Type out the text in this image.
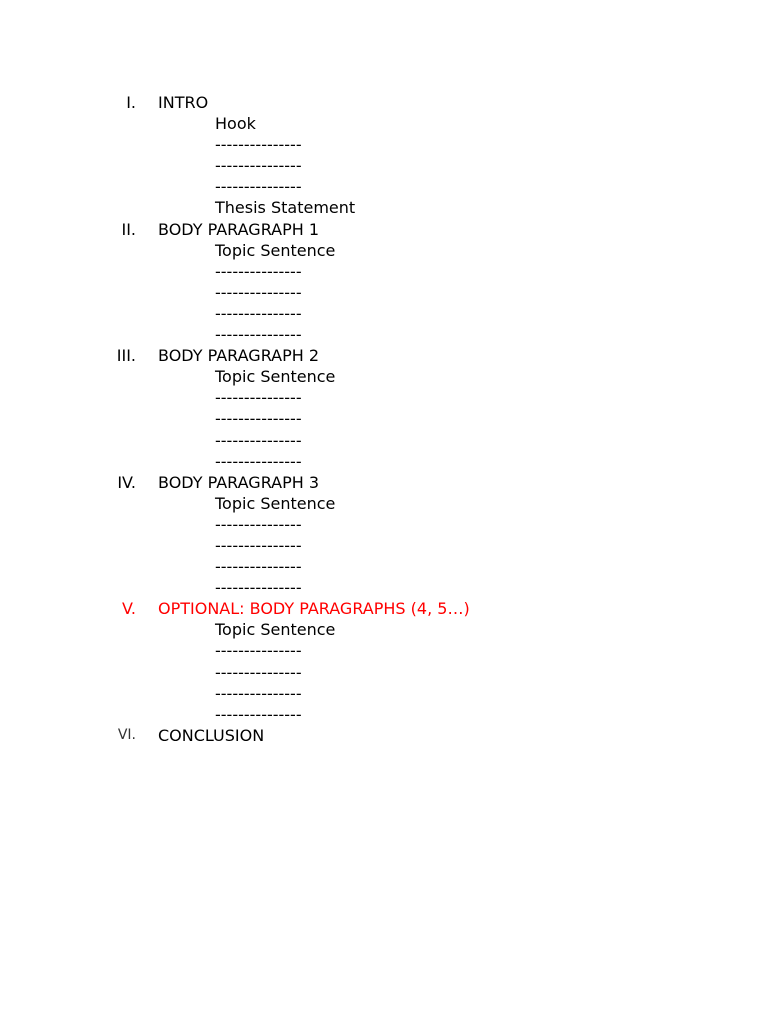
I. INTRO
Hook
---------------
---------------
---------------
Thesis Statement
II. BODY PARAGRAPH 1
Topic Sentence
---------------
---------------
---------------
---------------
III. BODY PARAGRAPH 2
Topic Sentence
---------------
---------------
---------------
---------------
IV. BODY PARAGRAPH 3
Topic Sentence
---------------
---------------
---------------
---------------
V. OPTIONAL: BODY PARAGRAPHS (4, 5…)
Topic Sentence
---------------
---------------
---------------
---------------
VI. CONCLUSION
